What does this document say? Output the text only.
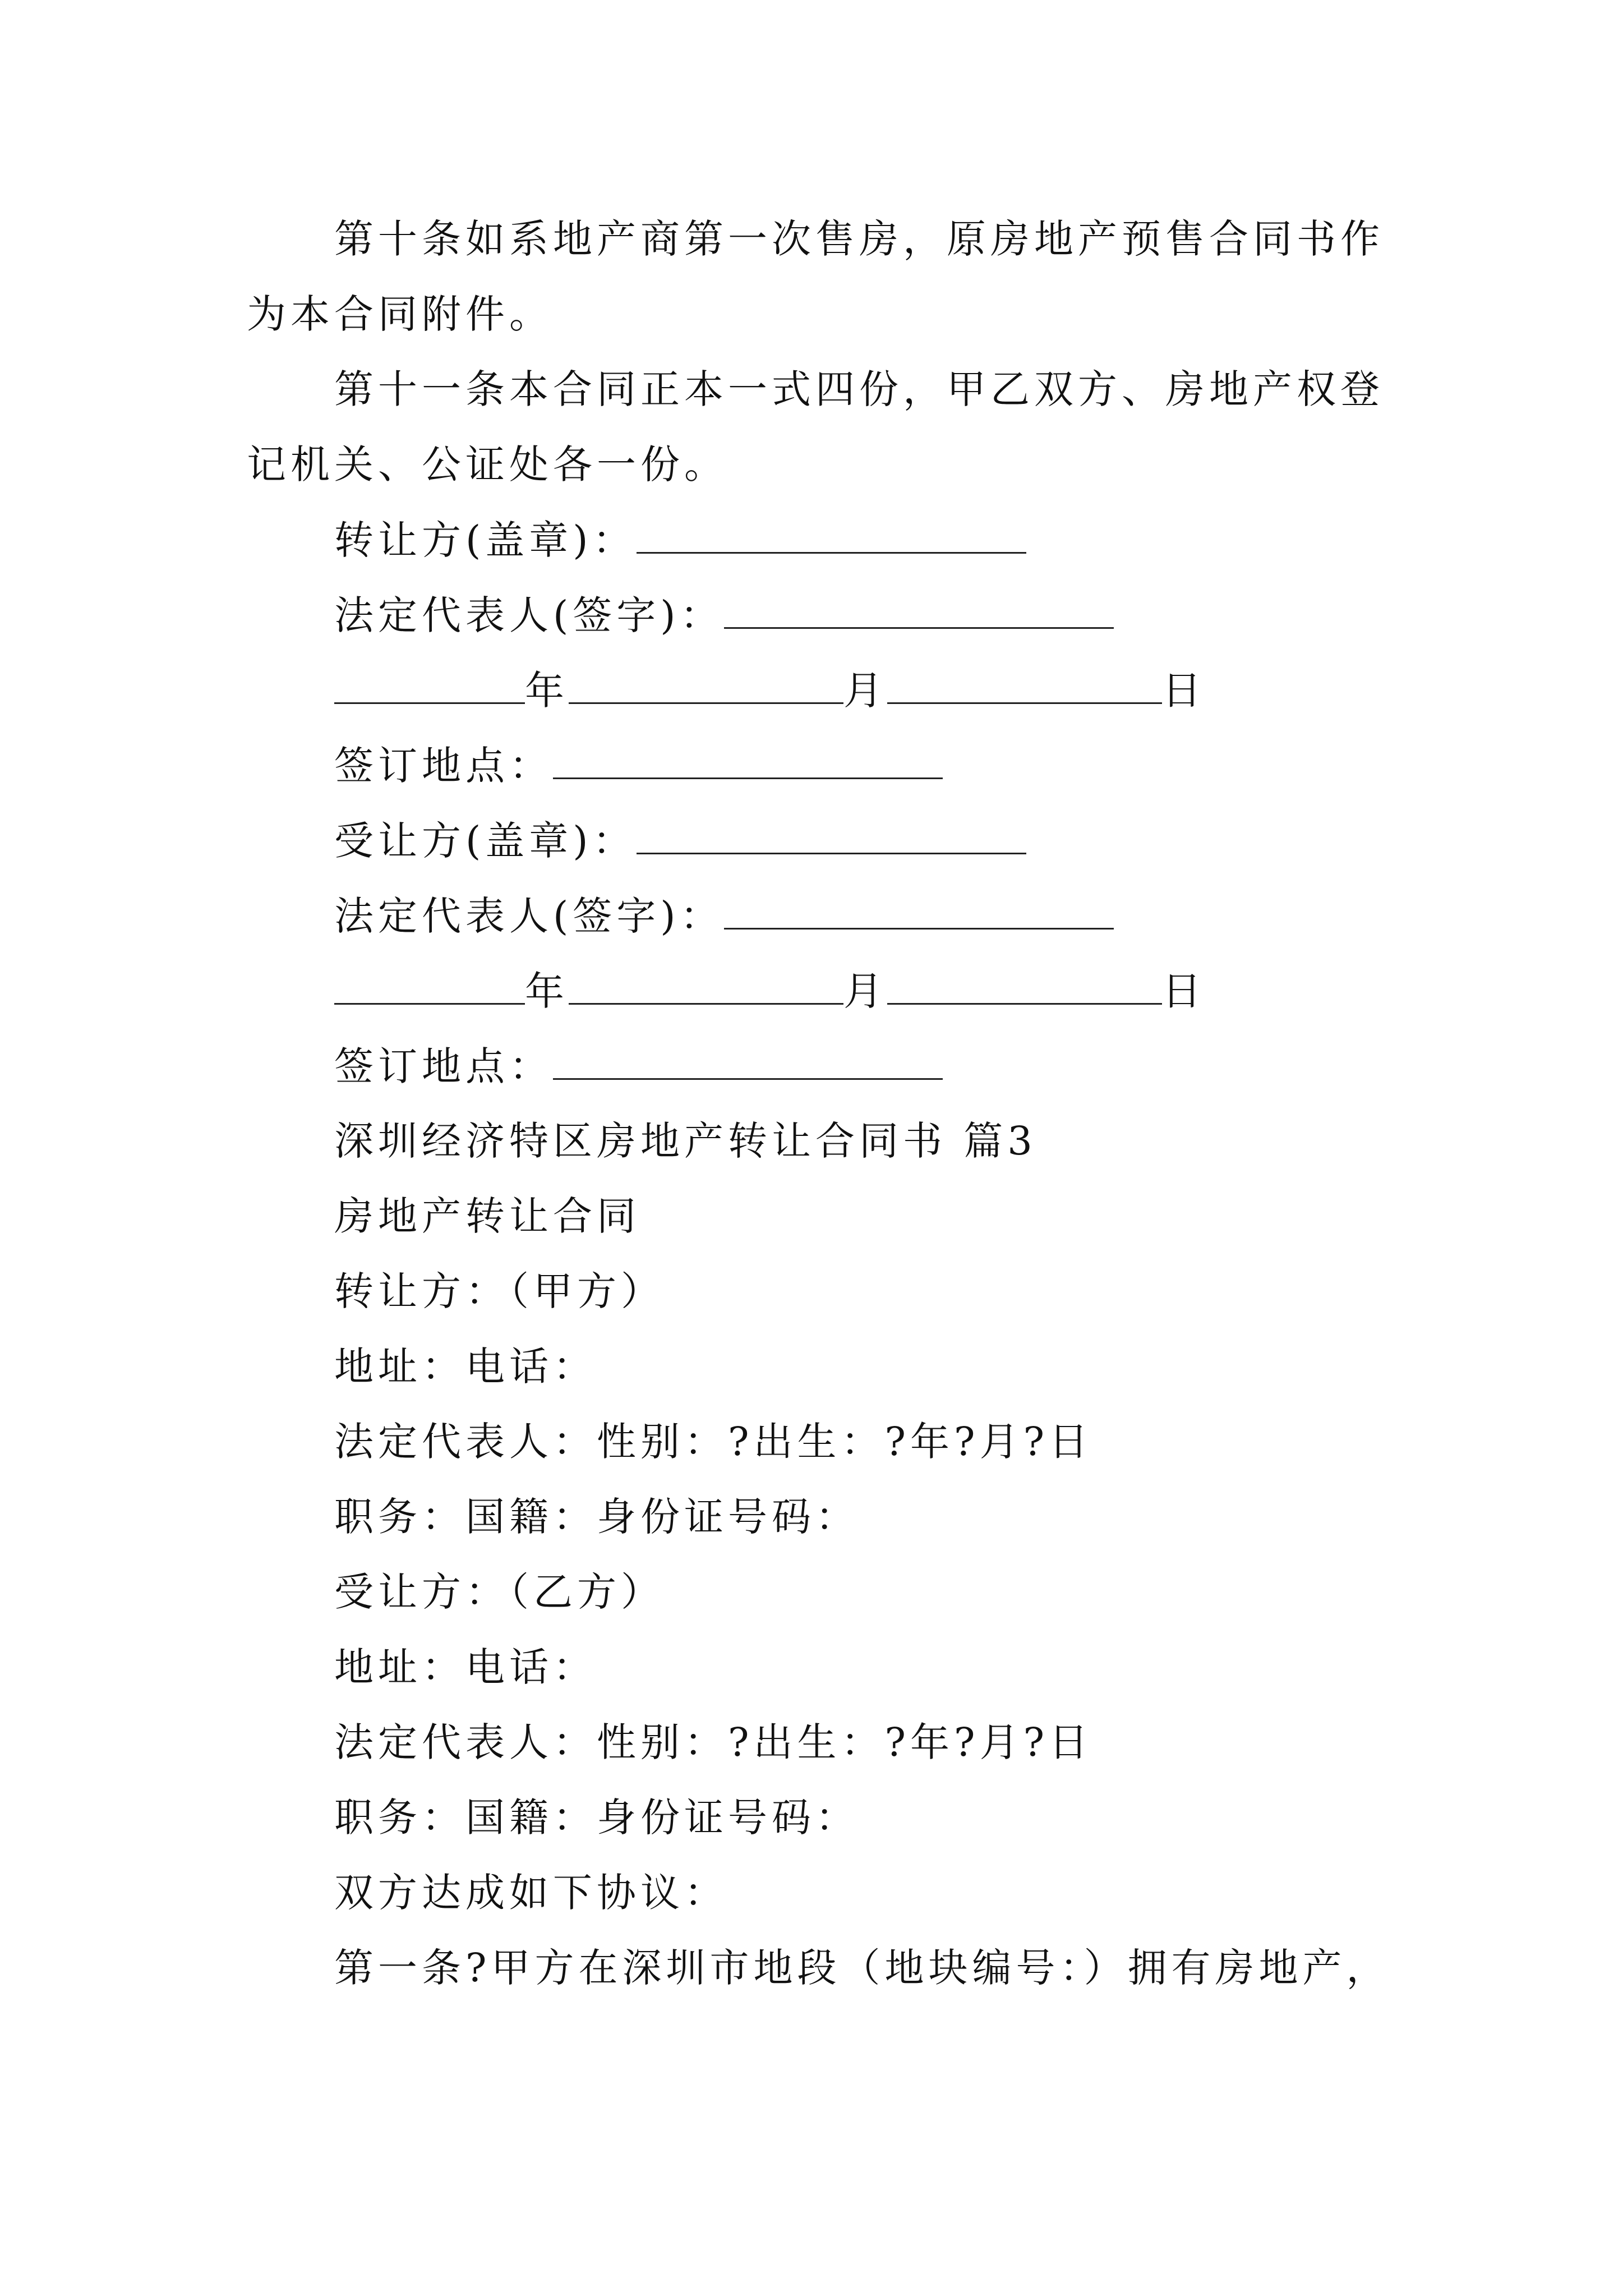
第十条如系地产商第一次售房，原房地产预售合同书作
为本合同附件。
第十一条本合同正本一式四份，甲乙双方、房地产权登
记机关、公证处各一份。
转让方(盖章)：
法定代表人(签字)：
年	月	日
签订地点：
受让方(盖章)：
法定代表人(签字)：
年	月	日
签订地点：
深圳经济特区房地产转让合同书 篇3
房地产转让合同
转让方：（甲方）
地址：电话：
法定代表人：性别：?出生：?年?月?日
职务：国籍：身份证号码：
受让方：（乙方）
地址：电话：
法定代表人：性别：?出生：?年?月?日
职务：国籍：身份证号码：
双方达成如下协议：
第一条?甲方在深圳市地段（地块编号：）拥有房地产，
